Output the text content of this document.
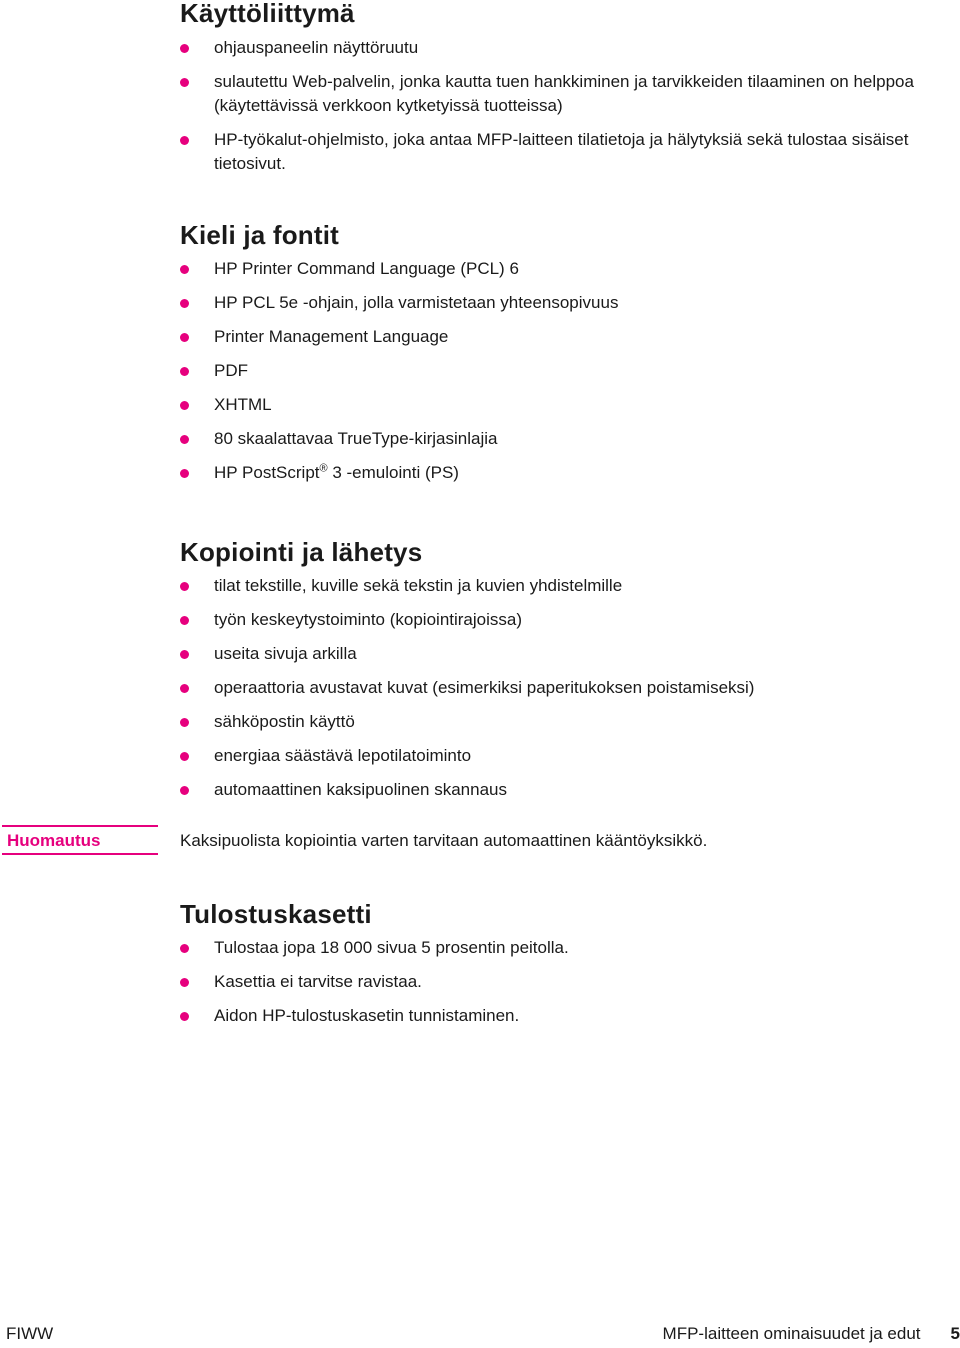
Käyttöliittymä
ohjauspaneelin näyttöruutu
sulautettu Web-palvelin, jonka kautta tuen hankkiminen ja tarvikkeiden tilaaminen on helppoa (käytettävissä verkkoon kytketyissä tuotteissa)
HP-työkalut-ohjelmisto, joka antaa MFP-laitteen tilatietoja ja hälytyksiä sekä tulostaa sisäiset tietosivut.
Kieli ja fontit
HP Printer Command Language (PCL) 6
HP PCL 5e -ohjain, jolla varmistetaan yhteensopivuus
Printer Management Language
PDF
XHTML
80 skaalattavaa TrueType-kirjasinlajia
HP PostScript® 3 -emulointi (PS)
Kopiointi ja lähetys
tilat tekstille, kuville sekä tekstin ja kuvien yhdistelmille
työn keskeytystoiminto (kopiointirajoissa)
useita sivuja arkilla
operaattoria avustavat kuvat (esimerkiksi paperitukoksen poistamiseksi)
sähköpostin käyttö
energiaa säästävä lepotilatoiminto
automaattinen kaksipuolinen skannaus
Huomautus	Kaksipuolista kopiointia varten tarvitaan automaattinen kääntöyksikkö.
Tulostuskasetti
Tulostaa jopa 18 000 sivua 5 prosentin peitolla.
Kasettia ei tarvitse ravistaa.
Aidon HP-tulostuskasetin tunnistaminen.
FIWW	MFP-laitteen ominaisuudet ja edut 5
